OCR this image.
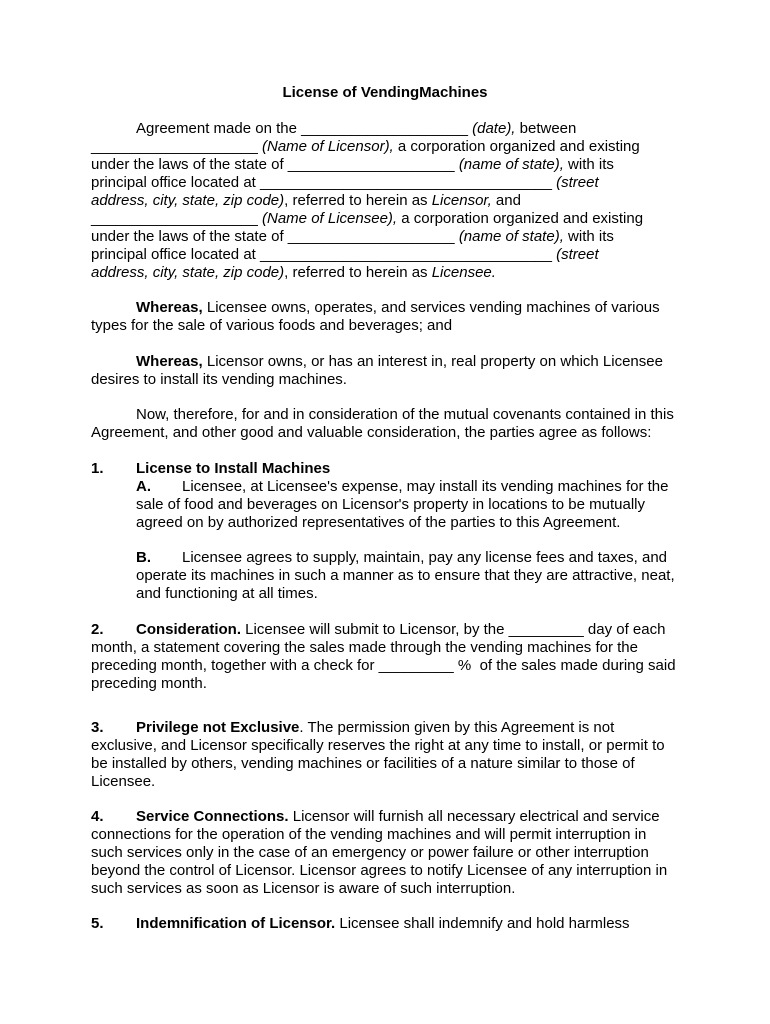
License of VendingMachines
Agreement made on the ____________________ (date), between
____________________ (Name of Licensor), a corporation organized and existing
under the laws of the state of ____________________ (name of state), with its
principal office located at ___________________________________ (street
address, city, state, zip code), referred to herein as Licensor, and
____________________ (Name of Licensee), a corporation organized and existing
under the laws of the state of ____________________ (name of state), with its
principal office located at ___________________________________ (street
address, city, state, zip code), referred to herein as Licensee.
Whereas, Licensee owns, operates, and services vending machines of various
types for the sale of various foods and beverages; and
Whereas, Licensor owns, or has an interest in, real property on which Licensee
desires to install its vending machines.
Now, therefore, for and in consideration of the mutual covenants contained in this
Agreement, and other good and valuable consideration, the parties agree as follows:
1. License to Install Machines
A. Licensee, at Licensee's expense, may install its vending machines for the
sale of food and beverages on Licensor's property in locations to be mutually
agreed on by authorized representatives of the parties to this Agreement.
B. Licensee agrees to supply, maintain, pay any license fees and taxes, and
operate its machines in such a manner as to ensure that they are attractive, neat,
and functioning at all times.
2. Consideration. Licensee will submit to Licensor, by the _________ day of each
month, a statement covering the sales made through the vending machines for the
preceding month, together with a check for _________ %  of the sales made during said
preceding month.
3. Privilege not Exclusive. The permission given by this Agreement is not
exclusive, and Licensor specifically reserves the right at any time to install, or permit to
be installed by others, vending machines or facilities of a nature similar to those of
Licensee.
4. Service Connections. Licensor will furnish all necessary electrical and service
connections for the operation of the vending machines and will permit interruption in
such services only in the case of an emergency or power failure or other interruption
beyond the control of Licensor. Licensor agrees to notify Licensee of any interruption in
such services as soon as Licensor is aware of such interruption.
5. Indemnification of Licensor. Licensee shall indemnify and hold harmless
